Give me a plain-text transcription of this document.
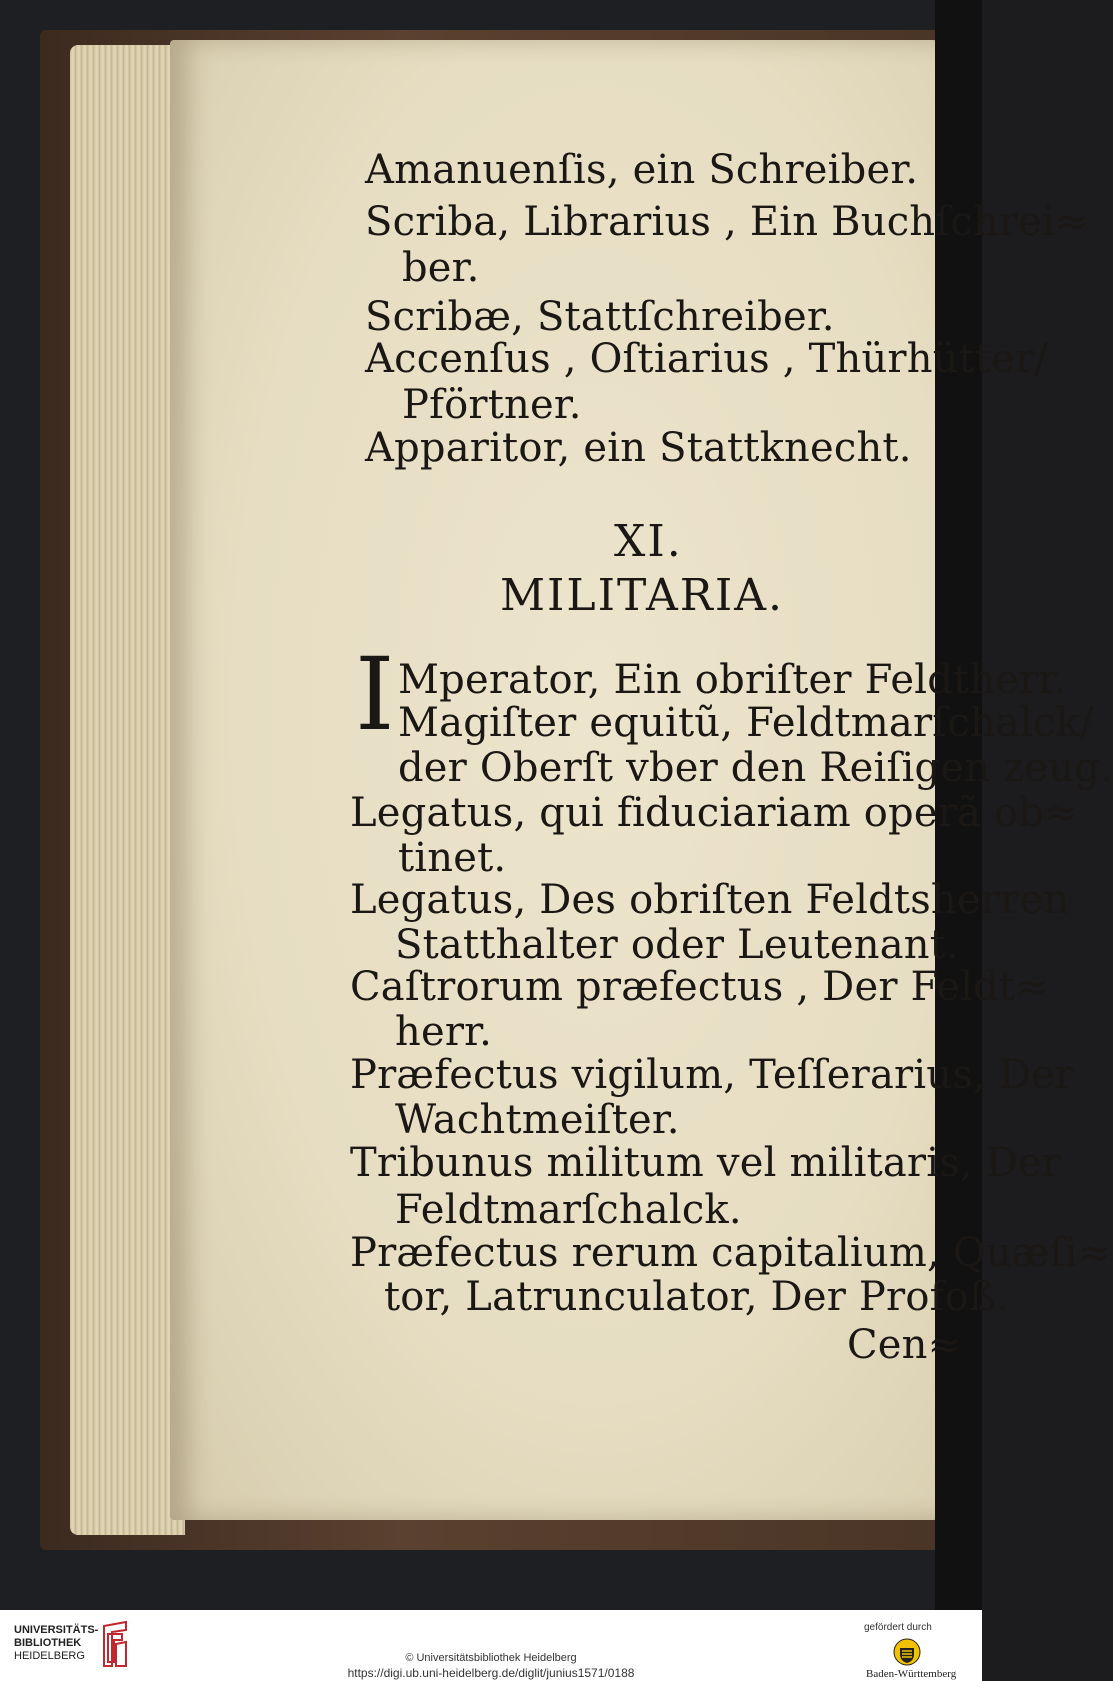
Amanuenſis, ein Schreiber.
Scriba, Librarius , Ein Buchſchrei≈
ber.
Scribæ, Stattſchreiber.
Accenſus , Oſtiarius , Thürhütter/
Pförtner.
Apparitor, ein Stattknecht.
XI.
MILITARIA.
I Mperator, Ein obriſter Feldtherr.
Magiſter equitũ, Feldtmarſchalck/
der Oberſt vber den Reiſigen zeug.
Legatus, qui fiduciariam operã ob≈
tinet.
Legatus, Des obriſten Feldtsherren
Statthalter oder Leutenant.
Caſtrorum præfectus , Der Feldt≈
herr.
Præfectus vigilum, Teſſerarius, Der
Wachtmeiſter.
Tribunus militum vel militaris, Der
Feldtmarſchalck.
Præfectus rerum capitalium, Quæſi≈
tor, Latrunculator, Der Profoß.
Cen≈
UNIVERSITÄTS-
BIBLIOTHEK
HEIDELBERG	© Universitätsbibliothek Heidelberg
https://digi.ub.uni-heidelberg.de/diglit/junius1571/0188
gefördert durch
Baden-Württemberg
